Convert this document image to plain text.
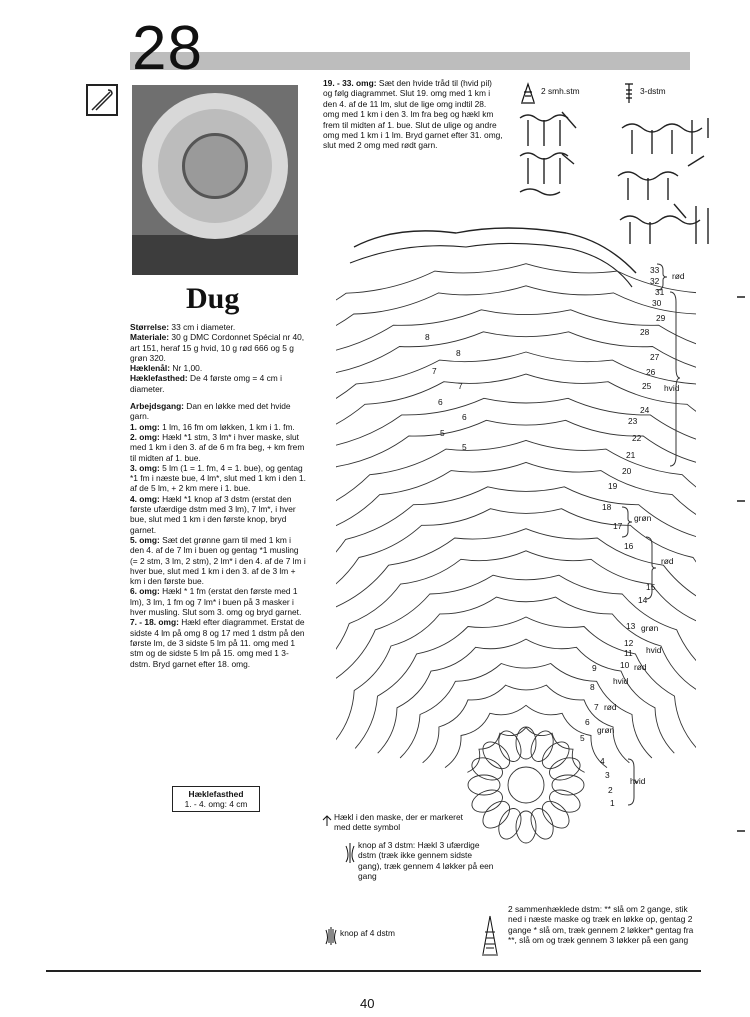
28
Dug

Størrelse: 33 cm i diameter.

Materiale: 30 g DMC Cordonnet Spécial nr 40, art 151, heraf 15 g hvid, 10 g rød 666 og 5 g grøn 320.

Hæklenål: Nr 1,00.

Hæklefasthed: De 4 første omg = 4 cm i diameter.

Arbejdsgang: Dan en løkke med det hvide garn.

1. omg: 1 lm, 16 fm om løkken, 1 km i 1. fm.

2. omg: Hækl *1 stm, 3 lm* i hver maske, slut med 1 km i den 3. af de 6 m fra beg, + km frem til midten af 1. bue.

3. omg: 5 lm (1 = 1. fm, 4 = 1. bue), og gentag *1 fm i næste bue, 4 lm*, slut med 1 km i den 1. af de 5 lm, + 2 km mere i 1. bue.

4. omg: Hækl *1 knop af 3 dstm (erstat den første ufærdige dstm med 3 lm), 7 lm*, i hver bue, slut med 1 km i den første knop, bryd garnet.

5. omg: Sæt det grønne garn til med 1 km i den 4. af de 7 lm i buen og gentag *1 musling (= 2 stm, 3 lm, 2 stm), 2 lm* i den 4. af de 7 lm i hver bue, slut med 1 km i den 3. af de 3 lm + km i den første bue.

6. omg: Hækl * 1 fm (erstat den første med 1 lm), 3 lm, 1 fm og 7 lm* i buen på 3 masker i hver musling. Slut som 3. omg og bryd garnet.

7. - 18. omg: Hækl efter diagrammet. Erstat de sidste 4 lm på omg 8 og 17 med 1 dstm på den første lm, de 3 sidste 5 lm på 11. omg med 1 stm og de sidste 5 lm på 15. omg med 1 3-dstm. Bryd garnet efter 18. omg.

Hæklefasthed
1. - 4. omg: 4 cm
19. - 33. omg: Sæt den hvide tråd til (hvid pil) og følg diagrammet. Slut 19. omg med 1 km i den 4. af de 11 lm, slut de lige omg indtil 28. omg med 1 km i den 3. lm fra beg og hækl km frem til midten af 1. bue. Slut de ulige og andre omg med 1 km i 1 lm. Bryd garnet efter 31. omg, slut med 2 omg med rødt garn.
2 smh.stm	3-dstm
33
32
31
30
29
28
27
26
25
24
23
22
21
20
19
18
17
16
15
14
13
12
11
10
9
8
7
6
5
4
3
2
1
8
8
7
7
6
6
5
5
rød
hvid
grøn
rød
grøn
hvid
rød
hvid
rød
grøn
hvid
Hækl i den maske, der er markeret med dette symbol
knop af 3 dstm: Hækl 3 ufærdige dstm (træk ikke gennem sidste gang), træk gennem 4 løkker på een gang
knop af 4 dstm
2 sammenhæklede dstm: ** slå om 2 gange, stik ned i næste maske og træk en løkke op, gentag 2 gange * slå om, træk gennem 2 løkker* gentag fra **, slå om og træk gennem 3 løkker på een gang
40
